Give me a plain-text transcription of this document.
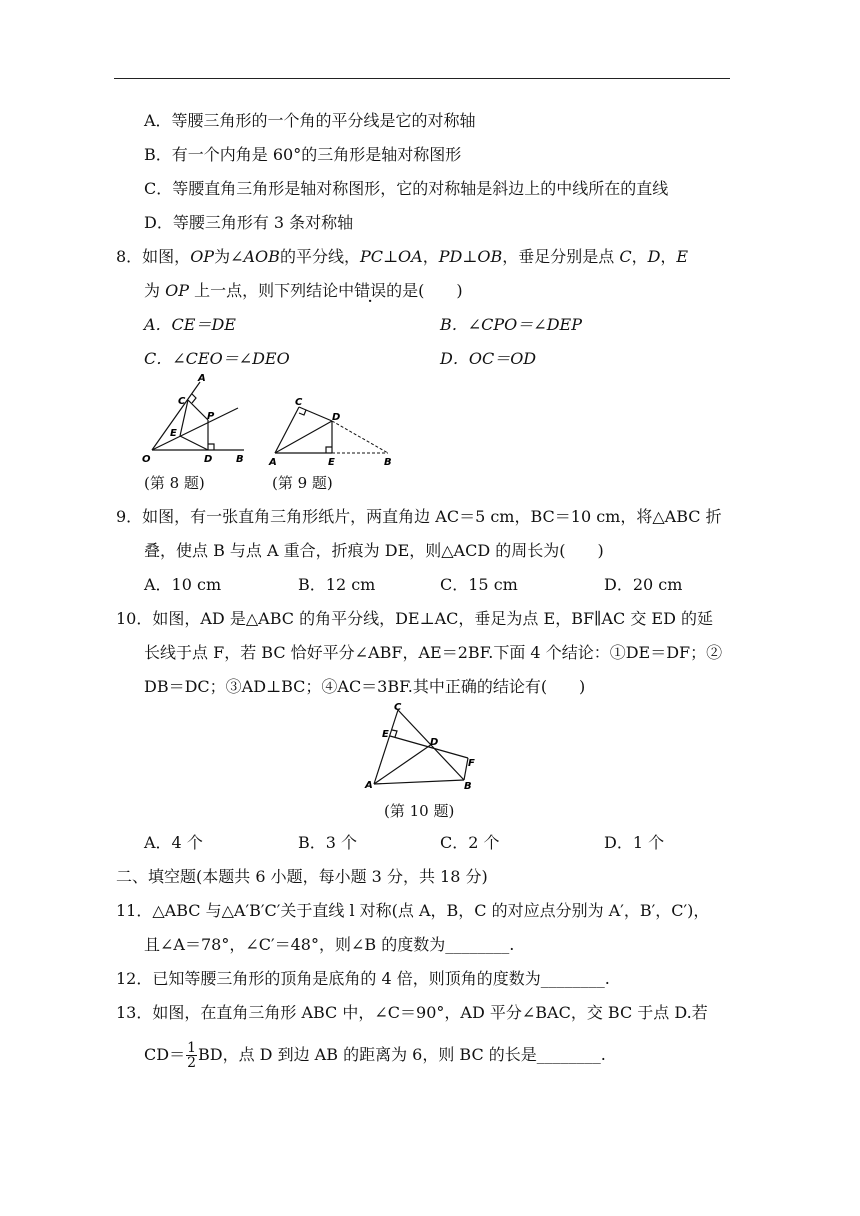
A．等腰三角形的一个角的平分线是它的对称轴
B．有一个内角是 60°的三角形是轴对称图形
C．等腰直角三角形是轴对称图形，它的对称轴是斜边上的中线所在的直线
D．等腰三角形有 3 条对称轴
8．如图，OP为∠AOB的平分线，PC⊥OA，PD⊥OB，垂足分别是点 C，D，E
为 OP 上一点，则下列结论中错误的是(　　)
A．CE＝DE	B．∠CPO＝∠DEP
C．∠CEO＝∠DEO	D．OC＝OD
A
C
P
E
O	D B
(第 8 题)
C
D
A	E	B
(第 9 题)
9．如图，有一张直角三角形纸片，两直角边 AC＝5 cm，BC＝10 cm，将△ABC 折
叠，使点 B 与点 A 重合，折痕为 DE，则△ACD 的周长为(　　)
A．10 cm	B．12 cm	C．15 cm	D．20 cm
10．如图，AD 是△ABC 的角平分线，DE⊥AC，垂足为点 E，BF∥AC 交 ED 的延
长线于点 F，若 BC 恰好平分∠ABF，AE＝2BF.下面 4 个结论：①DE＝DF；②
DB＝DC；③AD⊥BC；④AC＝3BF.其中正确的结论有(　　)
C
E
D
F
A	B
(第 10 题)
A．4 个	B．3 个	C．2 个	D．1 个
二、填空题(本题共 6 小题，每小题 3 分，共 18 分)
11．△ABC 与△A′B′C′关于直线 l 对称(点 A，B，C 的对应点分别为 A′，B′，C′)，
且∠A＝78°，∠C′＝48°，则∠B 的度数为________.
12．已知等腰三角形的顶角是底角的 4 倍，则顶角的度数为________.
13．如图，在直角三角形 ABC 中，∠C＝90°，AD 平分∠BAC，交 BC 于点 D.若
$CD= \frac{1}{2}$ BD，点 D 到边 AB 的距离为 6，则 BC 的长是________.
